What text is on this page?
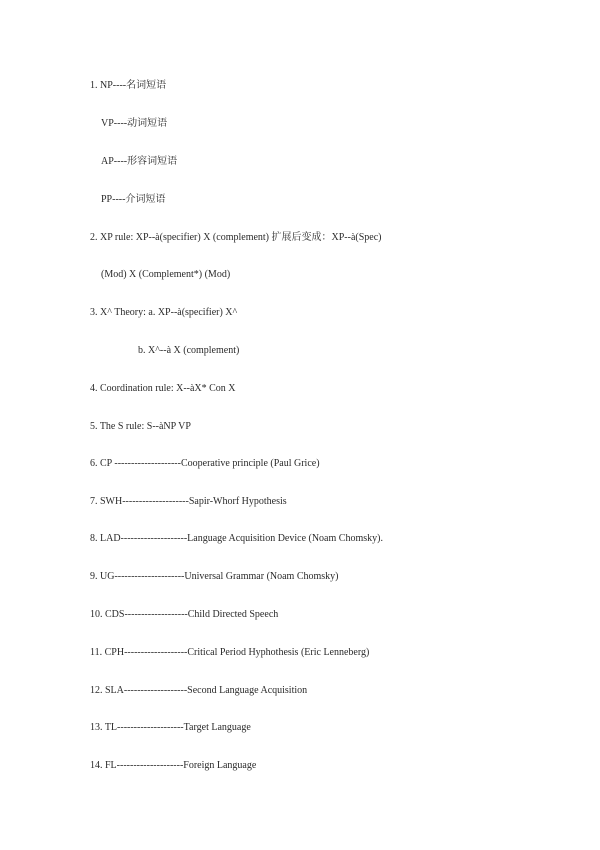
1. NP----名词短语
VP----动词短语
AP----形容词短语
PP----介词短语
2. XP rule: XP--à(specifier) X (complement) 扩展后变成：XP--à(Spec)
(Mod) X (Complement*) (Mod)
3. X^ Theory: a. XP--à(specifier) X^
b. X^--à X (complement)
4. Coordination rule: X--àX* Con X
5. The S rule: S--àNP VP
6. CP --------------------Cooperative principle (Paul Grice)
7. SWH--------------------Sapir-Whorf Hypothesis
8. LAD--------------------Language Acquisition Device (Noam Chomsky).
9. UG---------------------Universal Grammar (Noam Chomsky)
10. CDS-------------------Child Directed Speech
11. CPH-------------------Critical Period Hyphothesis (Eric Lenneberg)
12. SLA-------------------Second Language Acquisition
13. TL--------------------Target Language
14. FL--------------------Foreign Language
